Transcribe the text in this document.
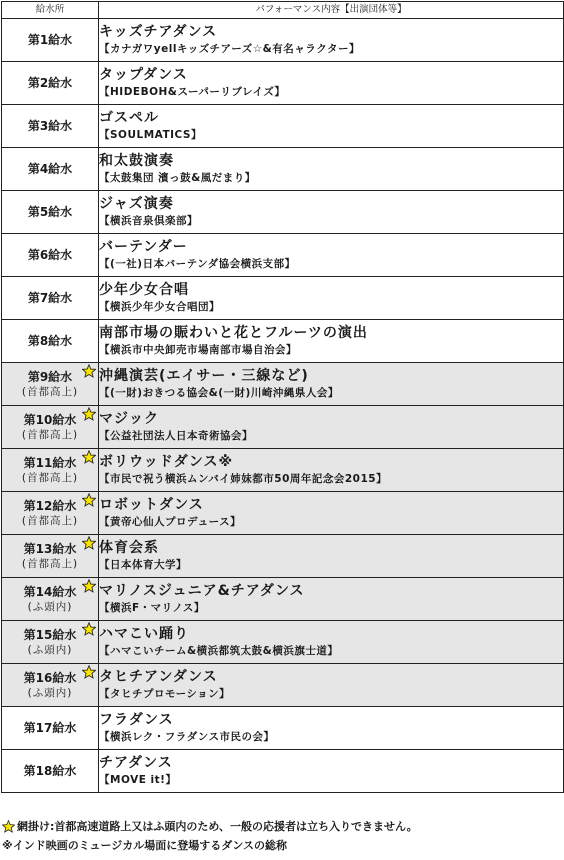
給水所	パフォーマンス内容【出演団体等】

第1給水	キッズチアダンス
【カナガワyellキッズチアーズ☆&有名ャラクター】

第2給水	タップダンス
【HIDEBOH&スーパーリブレイズ】

第3給水	ゴスペル
【SOULMATICS】

第4給水	和太鼓演奏
【太鼓集団 濱っ鼓&風だまり】

第5給水	ジャズ演奏
【横浜音泉倶楽部】

第6給水	バーテンダー
【(一社)日本バーテンダ協会横浜支部】

第7給水	少年少女合唱
【横浜少年少女合唱団】

第8給水	南部市場の賑わいと花とフルーツの演出
【横浜市中央卸売市場南部市場自治会】

第9給水
(首都高上)	沖縄演芸(エイサー・三線など)
【(一財)おきつる協会&(一財)川崎沖縄県人会】

第10給水
(首都高上)	マジック
【公益社団法人日本奇術協会】

第11給水
(首都高上)	ボリウッドダンス※
【市民で祝う横浜ムンバイ姉妹都市50周年記念会2015】

第12給水
(首都高上)	ロボットダンス
【黄帝心仙人プロデュース】

第13給水
(首都高上)	体育会系
【日本体育大学】

第14給水
(ふ頭内)	マリノスジュニア&チアダンス
【横浜F・マリノス】

第15給水
(ふ頭内)	ハマこい踊り
【ハマこいチーム&横浜都筑太鼓&横浜旗士道】

第16給水
(ふ頭内)	タヒチアンダンス
【タヒチプロモーション】

第17給水	フラダンス
【横浜レク・フラダンス市民の会】

第18給水	チアダンス
【MOVE it!】
網掛け:首都高速道路上又はふ頭内のため、一般の応援者は立ち入りできません。
※インド映画のミュージカル場面に登場するダンスの総称
